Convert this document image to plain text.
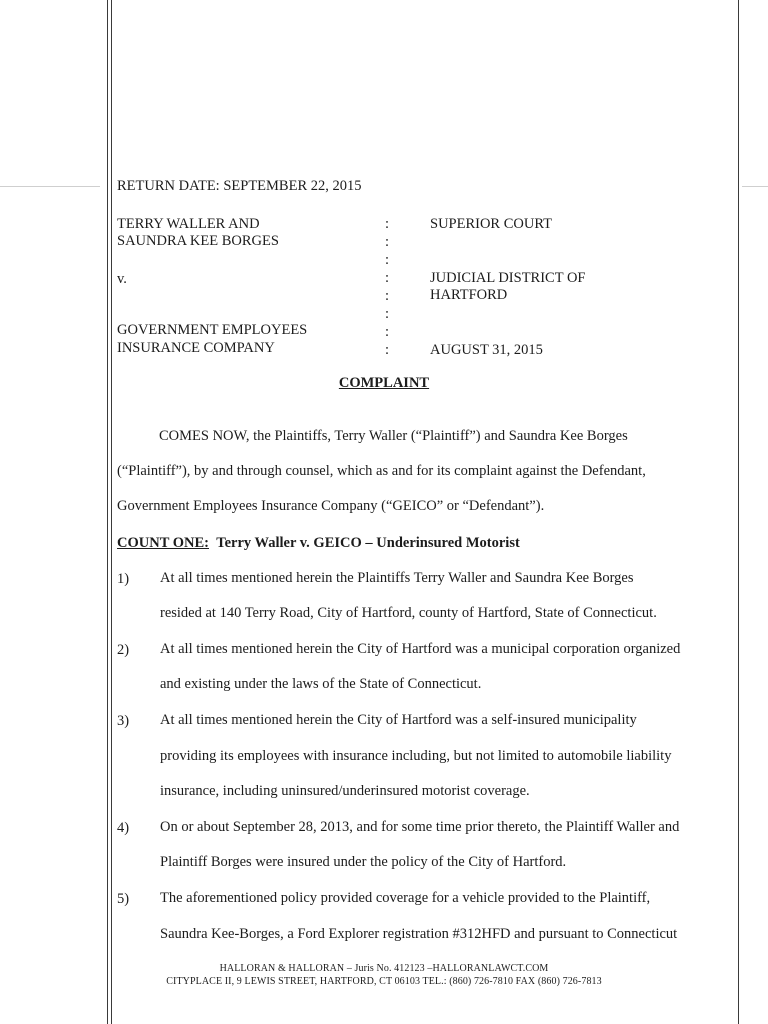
RETURN DATE: SEPTEMBER 22, 2015
TERRY WALLER AND
SAUNDRA KEE BORGES
v.
GOVERNMENT EMPLOYEES
INSURANCE COMPANY
:
:
:
:
:
:
:
:
SUPERIOR COURT
JUDICIAL DISTRICT OF
HARTFORD
AUGUST 31, 2015
COMPLAINT
COMES NOW, the Plaintiffs, Terry Waller (“Plaintiff”) and Saundra Kee Borges
(“Plaintiff”), by and through counsel, which as and for its complaint against the Defendant,
Government Employees Insurance Company (“GEICO” or “Defendant”).
COUNT ONE: Terry Waller v. GEICO – Underinsured Motorist
1) At all times mentioned herein the Plaintiffs Terry Waller and Saundra Kee Borges
resided at 140 Terry Road, City of Hartford, county of Hartford, State of Connecticut.
2) At all times mentioned herein the City of Hartford was a municipal corporation organized
and existing under the laws of the State of Connecticut.
3) At all times mentioned herein the City of Hartford was a self-insured municipality
providing its employees with insurance including, but not limited to automobile liability
insurance, including uninsured/underinsured motorist coverage.
4) On or about September 28, 2013, and for some time prior thereto, the Plaintiff Waller and
Plaintiff Borges were insured under the policy of the City of Hartford.
5) The aforementioned policy provided coverage for a vehicle provided to the Plaintiff,
Saundra Kee-Borges, a Ford Explorer registration #312HFD and pursuant to Connecticut
HALLORAN & HALLORAN – Juris No. 412123 –HALLORANLAWCT.COM
CITYPLACE II, 9 LEWIS STREET, HARTFORD, CT 06103 TEL.: (860) 726-7810 FAX (860) 726-7813
